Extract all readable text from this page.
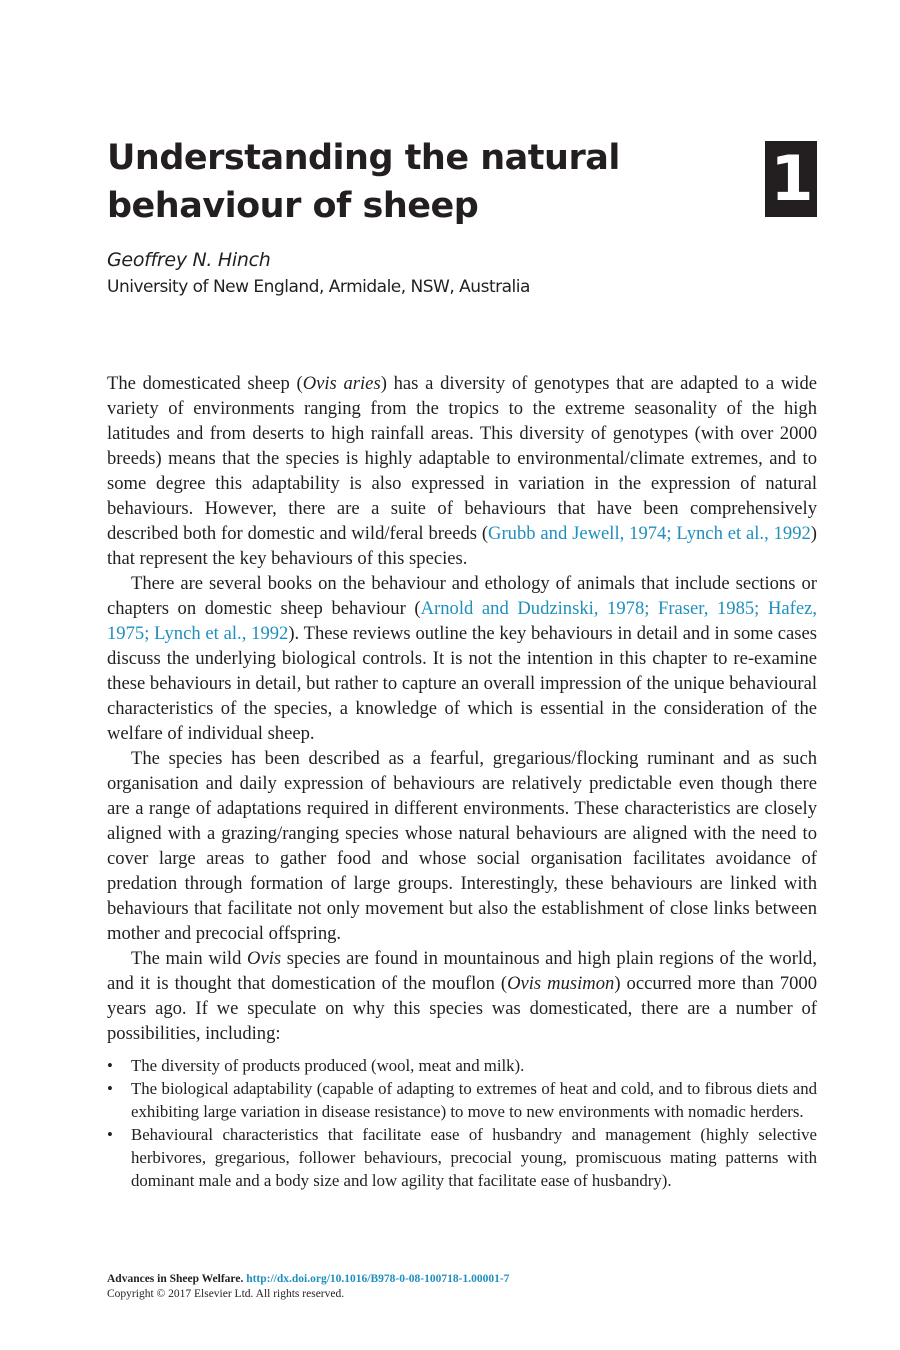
Understanding the natural
behaviour of sheep	1
Geoffrey N. Hinch
University of New England, Armidale, NSW, Australia

The domesticated sheep (Ovis aries) has a diversity of genotypes that are adapted to a wide variety of environments ranging from the tropics to the extreme seasonality of the high latitudes and from deserts to high rainfall areas. This diversity of genotypes (with over 2000 breeds) means that the species is highly adaptable to environmental/climate extremes, and to some degree this adaptability is also expressed in variation in the expression of natural behaviours. However, there are a suite of behaviours that have been comprehensively described both for domestic and wild/feral breeds (Grubb and Jewell, 1974; Lynch et al., 1992) that represent the key behaviours of this species.

There are several books on the behaviour and ethology of animals that include sections or chapters on domestic sheep behaviour (Arnold and Dudzinski, 1978; Fraser, 1985; Hafez, 1975; Lynch et al., 1992). These reviews outline the key behaviours in detail and in some cases discuss the underlying biological controls. It is not the intention in this chapter to re-examine these behaviours in detail, but rather to capture an overall impression of the unique behavioural characteristics of the species, a knowledge of which is essential in the consideration of the welfare of individual sheep.

The species has been described as a fearful, gregarious/flocking ruminant and as such organisation and daily expression of behaviours are relatively predictable even though there are a range of adaptations required in different environments. These characteristics are closely aligned with a grazing/ranging species whose natural behaviours are aligned with the need to cover large areas to gather food and whose social organisation facilitates avoidance of predation through formation of large groups. Interestingly, these behaviours are linked with behaviours that facilitate not only movement but also the establishment of close links between mother and precocial offspring.

The main wild Ovis species are found in mountainous and high plain regions of the world, and it is thought that domestication of the mouflon (Ovis musimon) occurred more than 7000 years ago. If we speculate on why this species was domesticated, there are a number of possibilities, including:

• The diversity of products produced (wool, meat and milk).
• The biological adaptability (capable of adapting to extremes of heat and cold, and to fibrous diets and exhibiting large variation in disease resistance) to move to new environments with nomadic herders.
• Behavioural characteristics that facilitate ease of husbandry and management (highly selective herbivores, gregarious, follower behaviours, precocial young, promiscuous mating patterns with dominant male and a body size and low agility that facilitate ease of husbandry).
Advances in Sheep Welfare. http://dx.doi.org/10.1016/B978-0-08-100718-1.00001-7
Copyright © 2017 Elsevier Ltd. All rights reserved.
